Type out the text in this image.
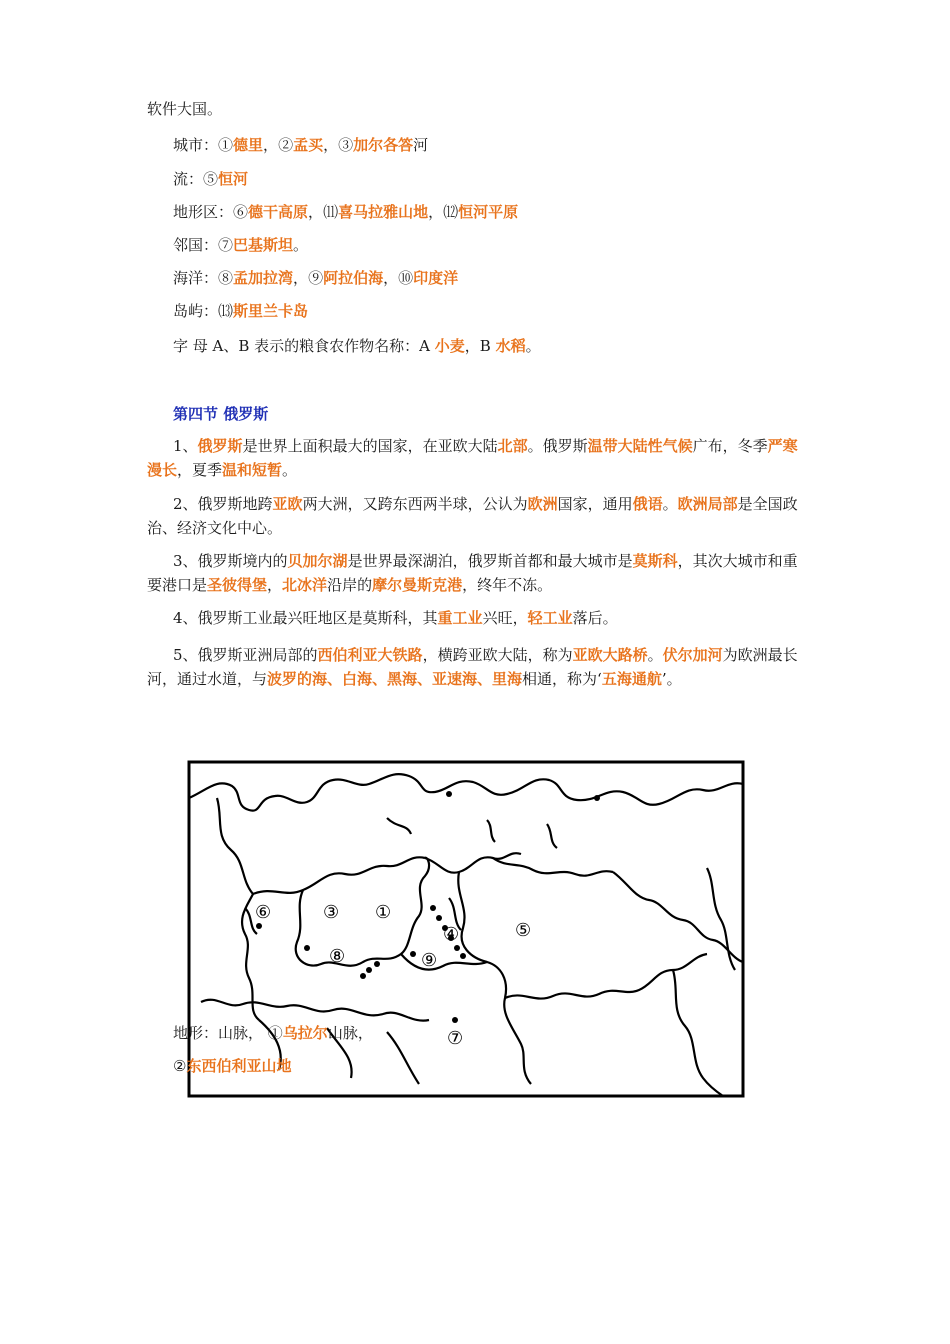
软件大国。
城市：①德里，②孟买，③加尔各答河
流：⑤恒河
地形区：⑥德干高原，⑾喜马拉雅山地，⑿恒河平原
邻国：⑦巴基斯坦。
海洋：⑧孟加拉湾，⑨阿拉伯海，⑩印度洋
岛屿：⒀斯里兰卡岛
字 母 A、B 表示的粮食农作物名称：A 小麦，B 水稻。
第四节 俄罗斯
1、俄罗斯是世界上面积最大的国家，在亚欧大陆北部。俄罗斯温带大陆性气候广布，冬季严寒漫长，夏季温和短暂。
2、俄罗斯地跨亚欧两大洲，又跨东西两半球，公认为欧洲国家，通用俄语。欧洲局部是全国政治、经济文化中心。
3、俄罗斯境内的贝加尔湖是世界最深湖泊，俄罗斯首都和最大城市是莫斯科，其次大城市和重要港口是圣彼得堡，北冰洋沿岸的摩尔曼斯克港，终年不冻。
4、俄罗斯工业最兴旺地区是莫斯科，其重工业兴旺，轻工业落后。
5、俄罗斯亚洲局部的西伯利亚大铁路，横跨亚欧大陆，称为亚欧大路桥。伏尔加河为欧洲最长河，通过水道，与波罗的海、白海、黑海、亚速海、里海相通，称为‘五海通航’。
⑥	③ ①
⑧
④	⑤
⑨
⑦
地形：山脉， ①乌拉尔山脉，
②东西伯利亚山地
